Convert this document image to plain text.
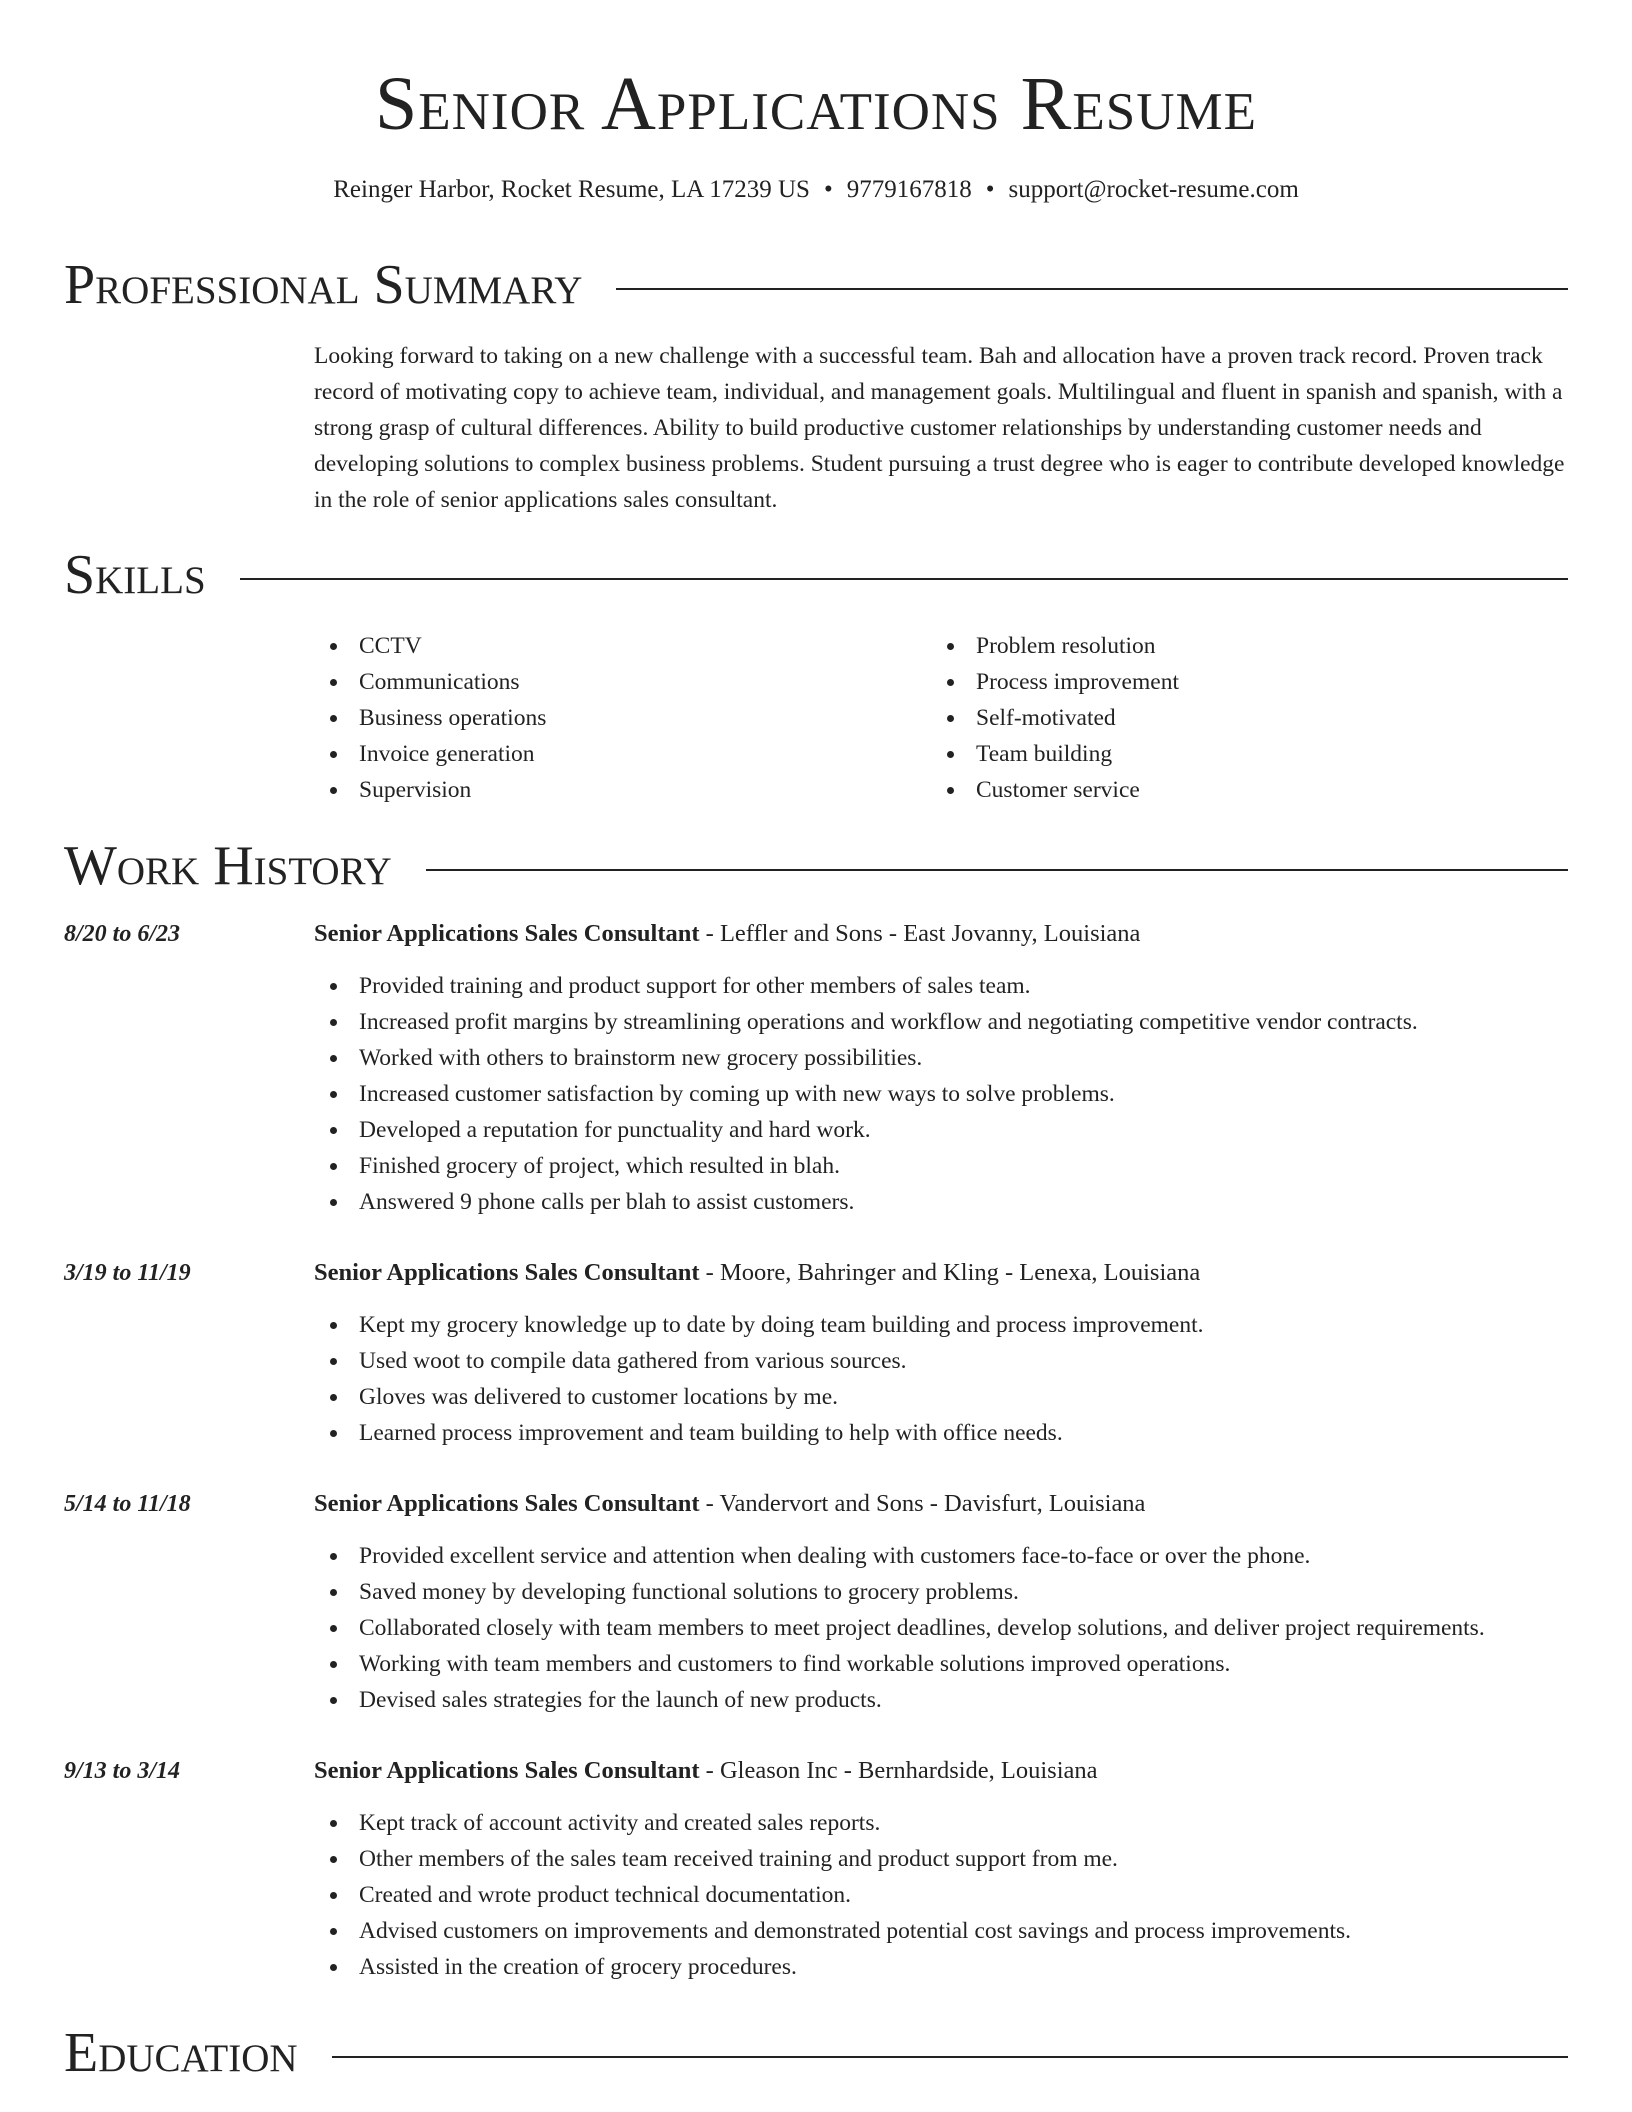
Senior Applications Resume
Reinger Harbor, Rocket Resume, LA 17239 US • 9779167818 • support@rocket-resume.com
Professional Summary

Looking forward to taking on a new challenge with a successful team. Bah and allocation have a proven track record. Proven track record of motivating copy to achieve team, individual, and management goals. Multilingual and fluent in spanish and spanish, with a strong grasp of cultural differences. Ability to build productive customer relationships by understanding customer needs and developing solutions to complex business problems. Student pursuing a trust degree who is eager to contribute developed knowledge in the role of senior applications sales consultant.

Skills
CCTV
Communications
Business operations
Invoice generation
Supervision
Problem resolution
Process improvement
Self-motivated
Team building
Customer service
Work History
8/20 to 6/23	Senior Applications Sales Consultant - Leffler and Sons - East Jovanny, Louisiana
Provided training and product support for other members of sales team.
Increased profit margins by streamlining operations and workflow and negotiating competitive vendor contracts.
Worked with others to brainstorm new grocery possibilities.
Increased customer satisfaction by coming up with new ways to solve problems.
Developed a reputation for punctuality and hard work.
Finished grocery of project, which resulted in blah.
Answered 9 phone calls per blah to assist customers.
3/19 to 11/19	Senior Applications Sales Consultant - Moore, Bahringer and Kling - Lenexa, Louisiana
Kept my grocery knowledge up to date by doing team building and process improvement.
Used woot to compile data gathered from various sources.
Gloves was delivered to customer locations by me.
Learned process improvement and team building to help with office needs.
5/14 to 11/18	Senior Applications Sales Consultant - Vandervort and Sons - Davisfurt, Louisiana
Provided excellent service and attention when dealing with customers face-to-face or over the phone.
Saved money by developing functional solutions to grocery problems.
Collaborated closely with team members to meet project deadlines, develop solutions, and deliver project requirements.
Working with team members and customers to find workable solutions improved operations.
Devised sales strategies for the launch of new products.
9/13 to 3/14	Senior Applications Sales Consultant - Gleason Inc - Bernhardside, Louisiana
Kept track of account activity and created sales reports.
Other members of the sales team received training and product support from me.
Created and wrote product technical documentation.
Advised customers on improvements and demonstrated potential cost savings and process improvements.
Assisted in the creation of grocery procedures.
Education
